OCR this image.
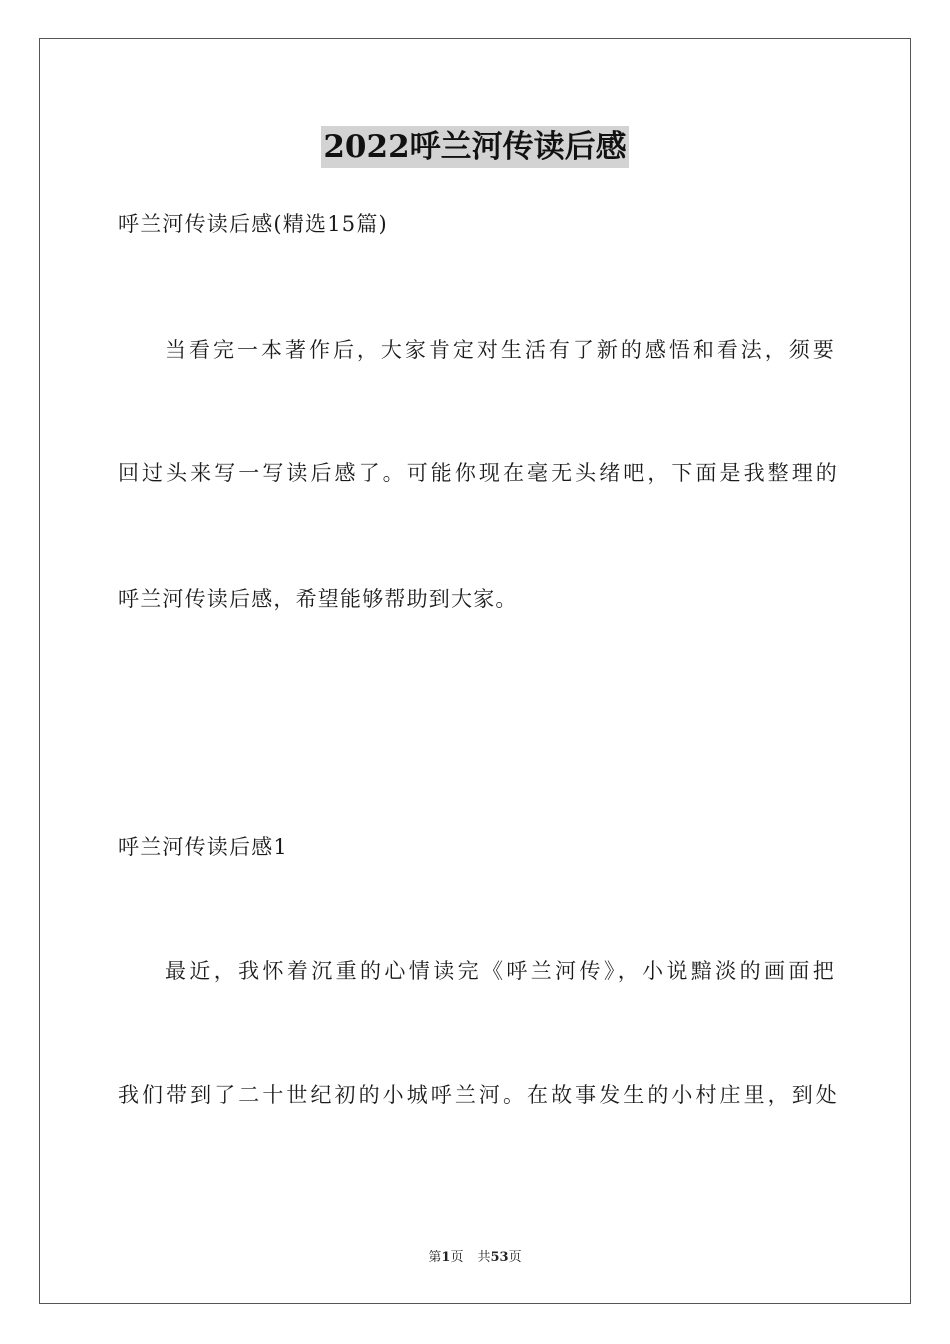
2022呼兰河传读后感
呼兰河传读后感(精选15篇)
当看完一本著作后，大家肯定对生活有了新的感悟和看法，须要
回过头来写一写读后感了。可能你现在毫无头绪吧，下面是我整理的
呼兰河传读后感，希望能够帮助到大家。
呼兰河传读后感1
最近，我怀着沉重的心情读完《呼兰河传》，小说黯淡的画面把
我们带到了二十世纪初的小城呼兰河。在故事发生的小村庄里，到处
第1页 共53页
